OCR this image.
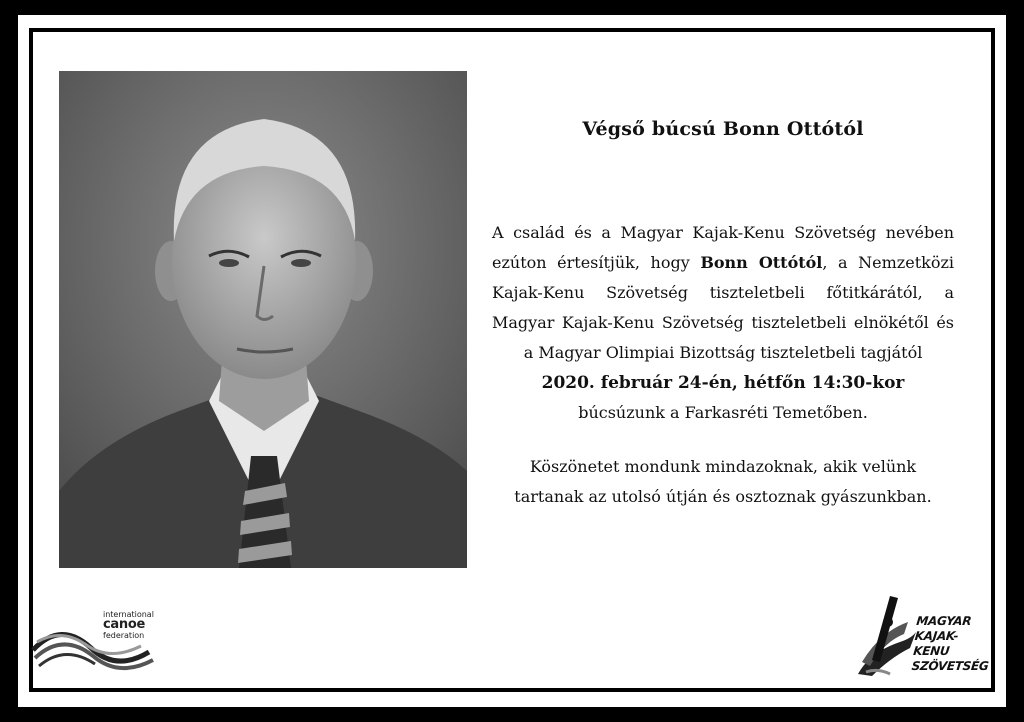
Végső búcsú Bonn Ottótól
A család és a Magyar Kajak-Kenu Szövetség nevében ezúton értesítjük, hogy Bonn Ottótól, a Nemzetközi Kajak-Kenu Szövetség tiszteletbeli főtitkárától, a Magyar Kajak-Kenu Szövetség tiszteletbeli elnökétől és a Magyar Olimpiai Bizottság tiszteletbeli tagjától
2020. február 24-én, hétfőn 14:30-kor
búcsúzunk a Farkasréti Temetőben.
Köszönetet mondunk mindazoknak, akik velünk
tartanak az utolsó útján és osztoznak gyászunkban.
international
canoe
federation
MAGYAR
KAJAK-KENU
SZÖVETSÉG
